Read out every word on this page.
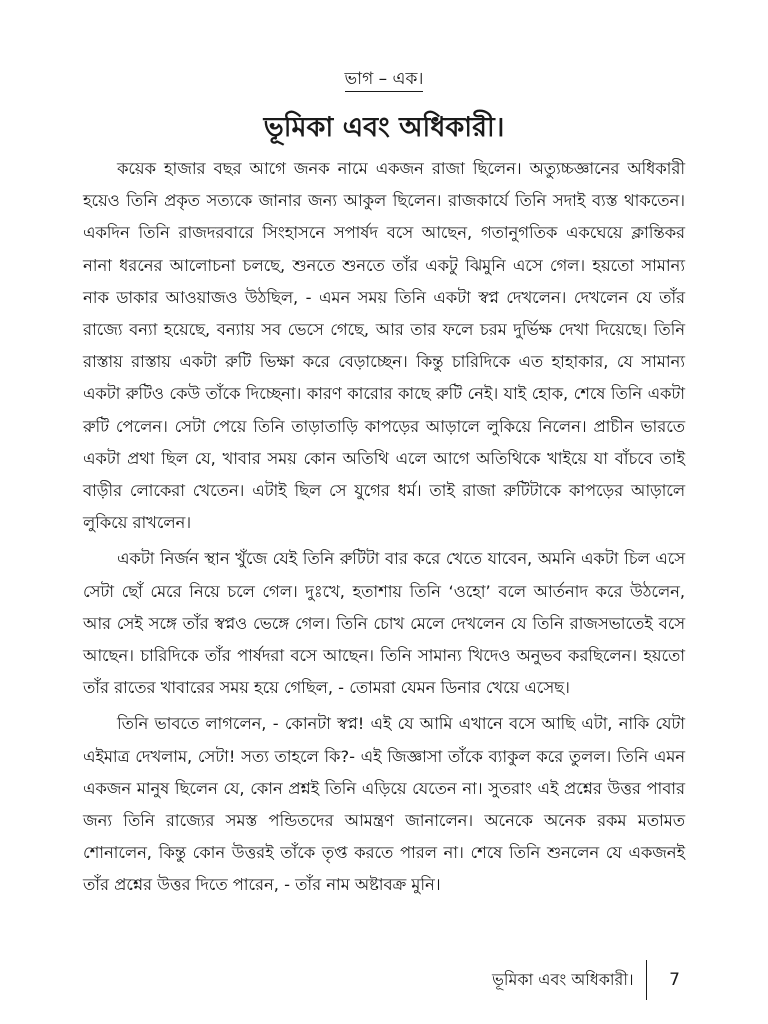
ভাগ – এক।
ভূমিকা এবং অধিকারী।

কয়েক হাজার বছর আগে জনক নামে একজন রাজা ছিলেন। অত্যুচ্চজ্ঞানের অধিকারী হয়েও তিনি প্রকৃত সত্যকে জানার জন্য আকুল ছিলেন। রাজকার্যে তিনি সদাই ব্যস্ত থাকতেন। একদিন তিনি রাজদরবারে সিংহাসনে সপার্ষদ বসে আছেন, গতানুগতিক একঘেয়ে ক্লান্তিকর নানা ধরনের আলোচনা চলছে, শুনতে শুনতে তাঁর একটু ঝিমুনি এসে গেল। হয়তো সামান্য নাক ডাকার আওয়াজও উঠছিল, - এমন সময় তিনি একটা স্বপ্ন দেখলেন। দেখলেন যে তাঁর রাজ্যে বন্যা হয়েছে, বন্যায় সব ভেসে গেছে, আর তার ফলে চরম দুর্ভিক্ষ দেখা দিয়েছে। তিনি রাস্তায় রাস্তায় একটা রুটি ভিক্ষা করে বেড়াচ্ছেন। কিন্তু চারিদিকে এত হাহাকার, যে সামান্য একটা রুটিও কেউ তাঁকে দিচ্ছেনা। কারণ কারোর কাছে রুটি নেই। যাই হোক, শেষে তিনি একটা রুটি পেলেন। সেটা পেয়ে তিনি তাড়াতাড়ি কাপড়ের আড়ালে লুকিয়ে নিলেন। প্রাচীন ভারতে একটা প্রথা ছিল যে, খাবার সময় কোন অতিথি এলে আগে অতিথিকে খাইয়ে যা বাঁচবে তাই বাড়ীর লোকেরা খেতেন। এটাই ছিল সে যুগের ধর্ম। তাই রাজা রুটিটাকে কাপড়ের আড়ালে লুকিয়ে রাখলেন।

একটা নির্জন স্থান খুঁজে যেই তিনি রুটিটা বার করে খেতে যাবেন, অমনি একটা চিল এসে সেটা ছোঁ মেরে নিয়ে চলে গেল। দুঃখে, হতাশায় তিনি ‘ওহো’ বলে আর্তনাদ করে উঠলেন, আর সেই সঙ্গে তাঁর স্বপ্নও ভেঙ্গে গেল। তিনি চোখ মেলে দেখলেন যে তিনি রাজসভাতেই বসে আছেন। চারিদিকে তাঁর পার্ষদরা বসে আছেন। তিনি সামান্য খিদেও অনুভব করছিলেন। হয়তো তাঁর রাতের খাবারের সময় হয়ে গেছিল, - তোমরা যেমন ডিনার খেয়ে এসেছ।

তিনি ভাবতে লাগলেন, - কোনটা স্বপ্ন! এই যে আমি এখানে বসে আছি এটা, নাকি যেটা এইমাত্র দেখলাম, সেটা! সত্য তাহলে কি?- এই জিজ্ঞাসা তাঁকে ব্যাকুল করে তুলল। তিনি এমন একজন মানুষ ছিলেন যে, কোন প্রশ্নই তিনি এড়িয়ে যেতেন না। সুতরাং এই প্রশ্নের উত্তর পাবার জন্য তিনি রাজ্যের সমস্ত পন্ডিতদের আমন্ত্রণ জানালেন। অনেকে অনেক রকম মতামত শোনালেন, কিন্তু কোন উত্তরই তাঁকে তৃপ্ত করতে পারল না। শেষে তিনি শুনলেন যে একজনই তাঁর প্রশ্নের উত্তর দিতে পারেন, - তাঁর নাম অষ্টাবক্র মুনি।

ভূমিকা এবং অধিকারী।	7
